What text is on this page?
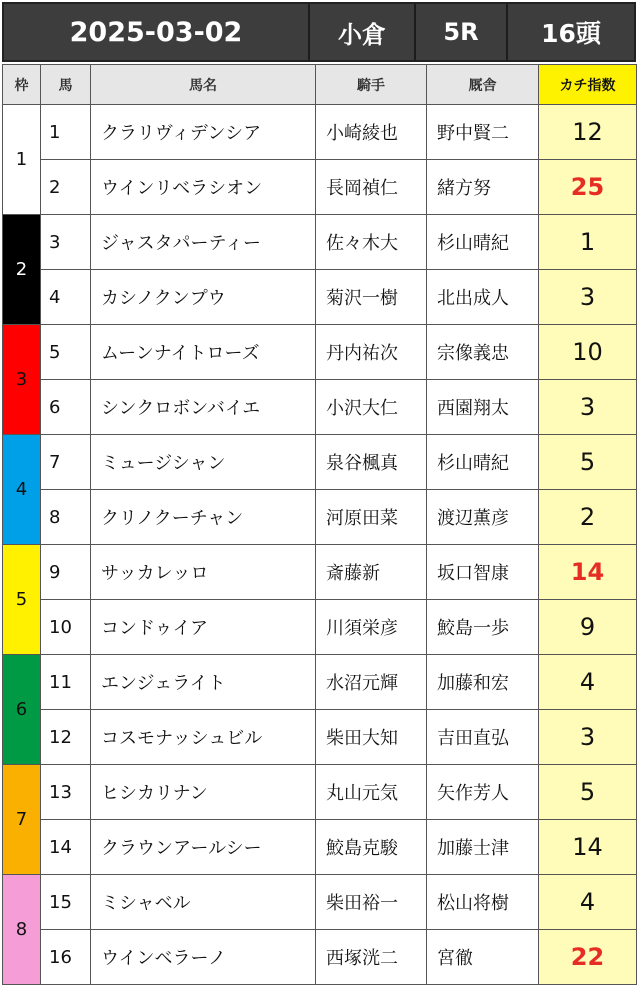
2025-03-02	小倉	5R	16頭
枠	馬	馬名	騎手	厩舎	カチ指数
1	1	クラリヴィデンシア	小崎綾也	野中賢二	12
	2	ウインリベラシオン	長岡禎仁	緒方努	25
2	3	ジャスタパーティー	佐々木大	杉山晴紀	1
	4	カシノクンプウ	菊沢一樹	北出成人	3
3	5	ムーンナイトローズ	丹内祐次	宗像義忠	10
	6	シンクロボンバイエ	小沢大仁	西園翔太	3
4	7	ミュージシャン	泉谷楓真	杉山晴紀	5
	8	クリノクーチャン	河原田菜	渡辺薫彦	2
5	9	サッカレッロ	斎藤新	坂口智康	14
	10	コンドゥイア	川須栄彦	鮫島一歩	9
6	11	エンジェライト	水沼元輝	加藤和宏	4
	12	コスモナッシュビル	柴田大知	吉田直弘	3
7	13	ヒシカリナン	丸山元気	矢作芳人	5
	14	クラウンアールシー	鮫島克駿	加藤士津	14
8	15	ミシャベル	柴田裕一	松山将樹	4
	16	ウインベラーノ	西塚洸二	宮徹	22
